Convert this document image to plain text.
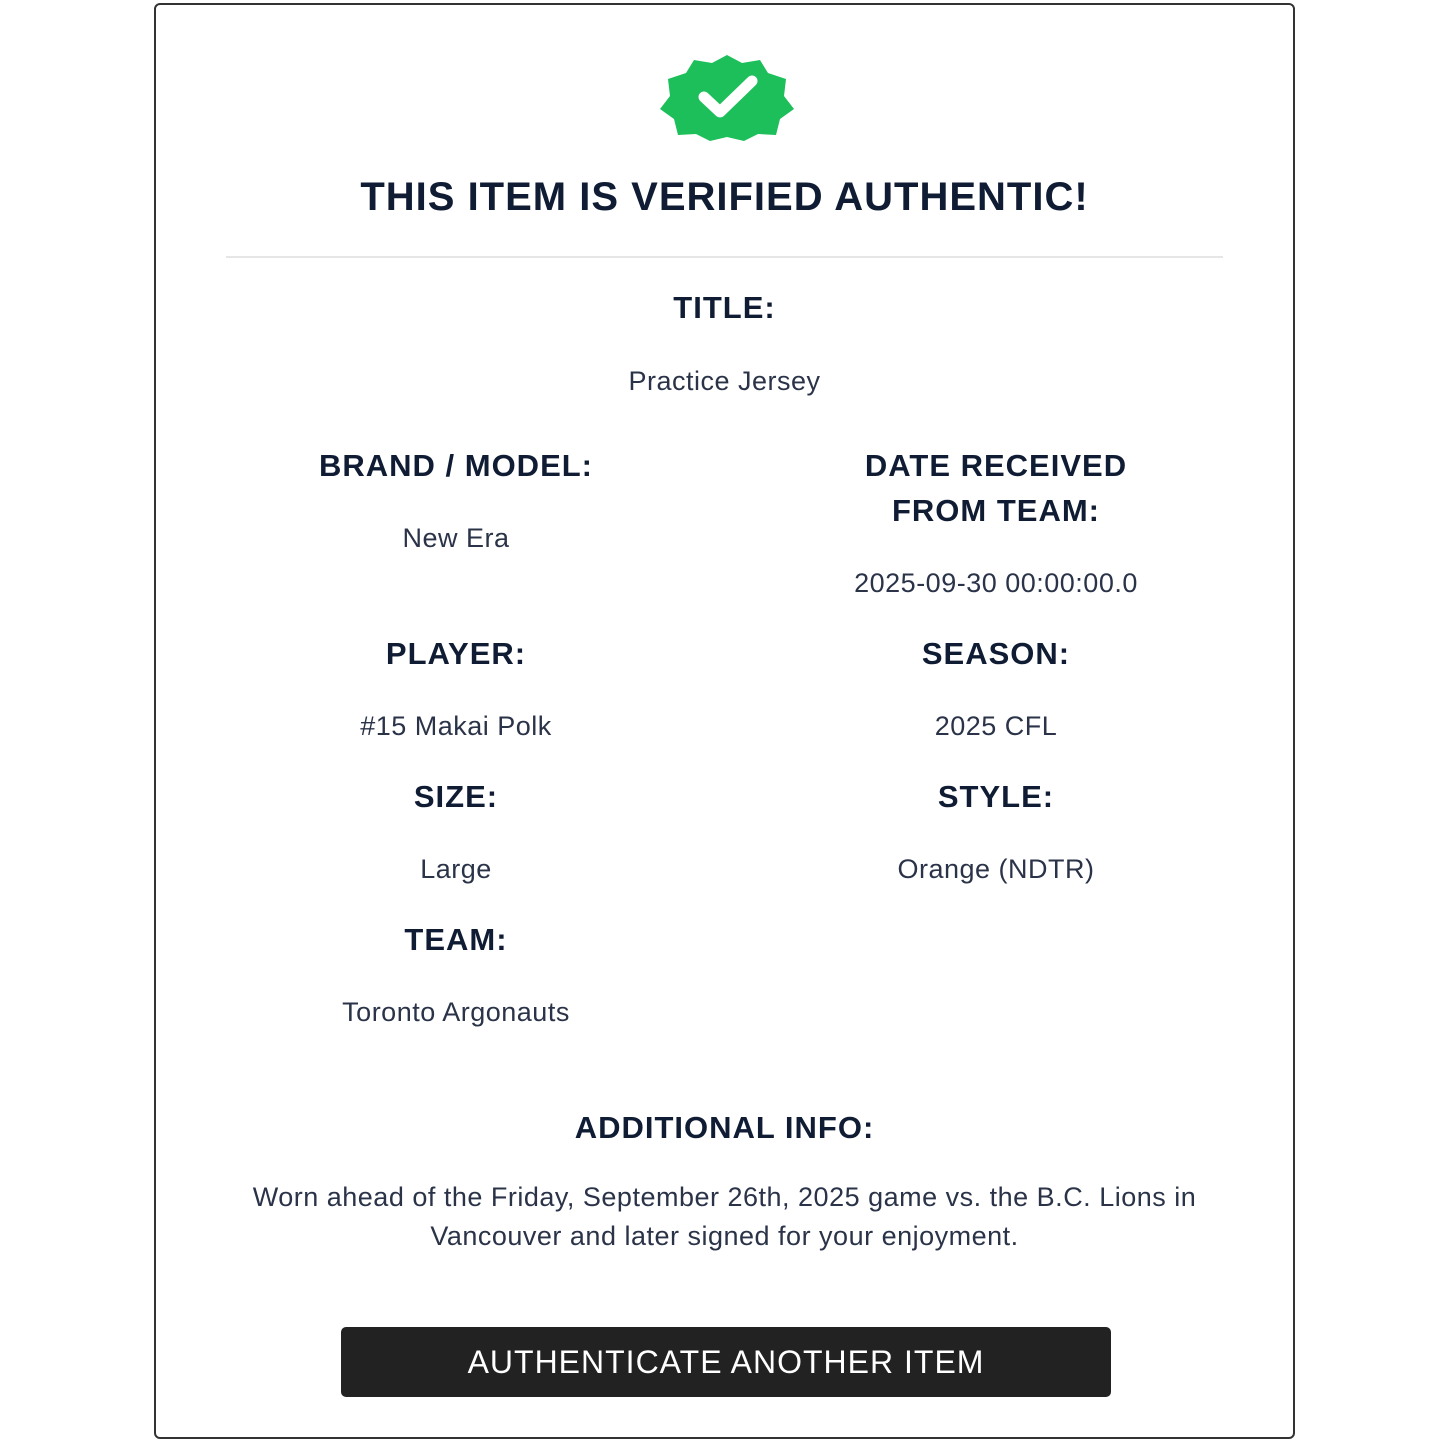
THIS ITEM IS VERIFIED AUTHENTIC!
TITLE:
Practice Jersey
BRAND / MODEL:
New Era
DATE RECEIVED
FROM TEAM:
2025-09-30 00:00:00.0
PLAYER:
#15 Makai Polk
SEASON:
2025 CFL
SIZE:
Large
STYLE:
Orange (NDTR)
TEAM:
Toronto Argonauts
ADDITIONAL INFO:
Worn ahead of the Friday, September 26th, 2025 game vs. the B.C. Lions in Vancouver and later signed for your enjoyment.
AUTHENTICATE ANOTHER ITEM
